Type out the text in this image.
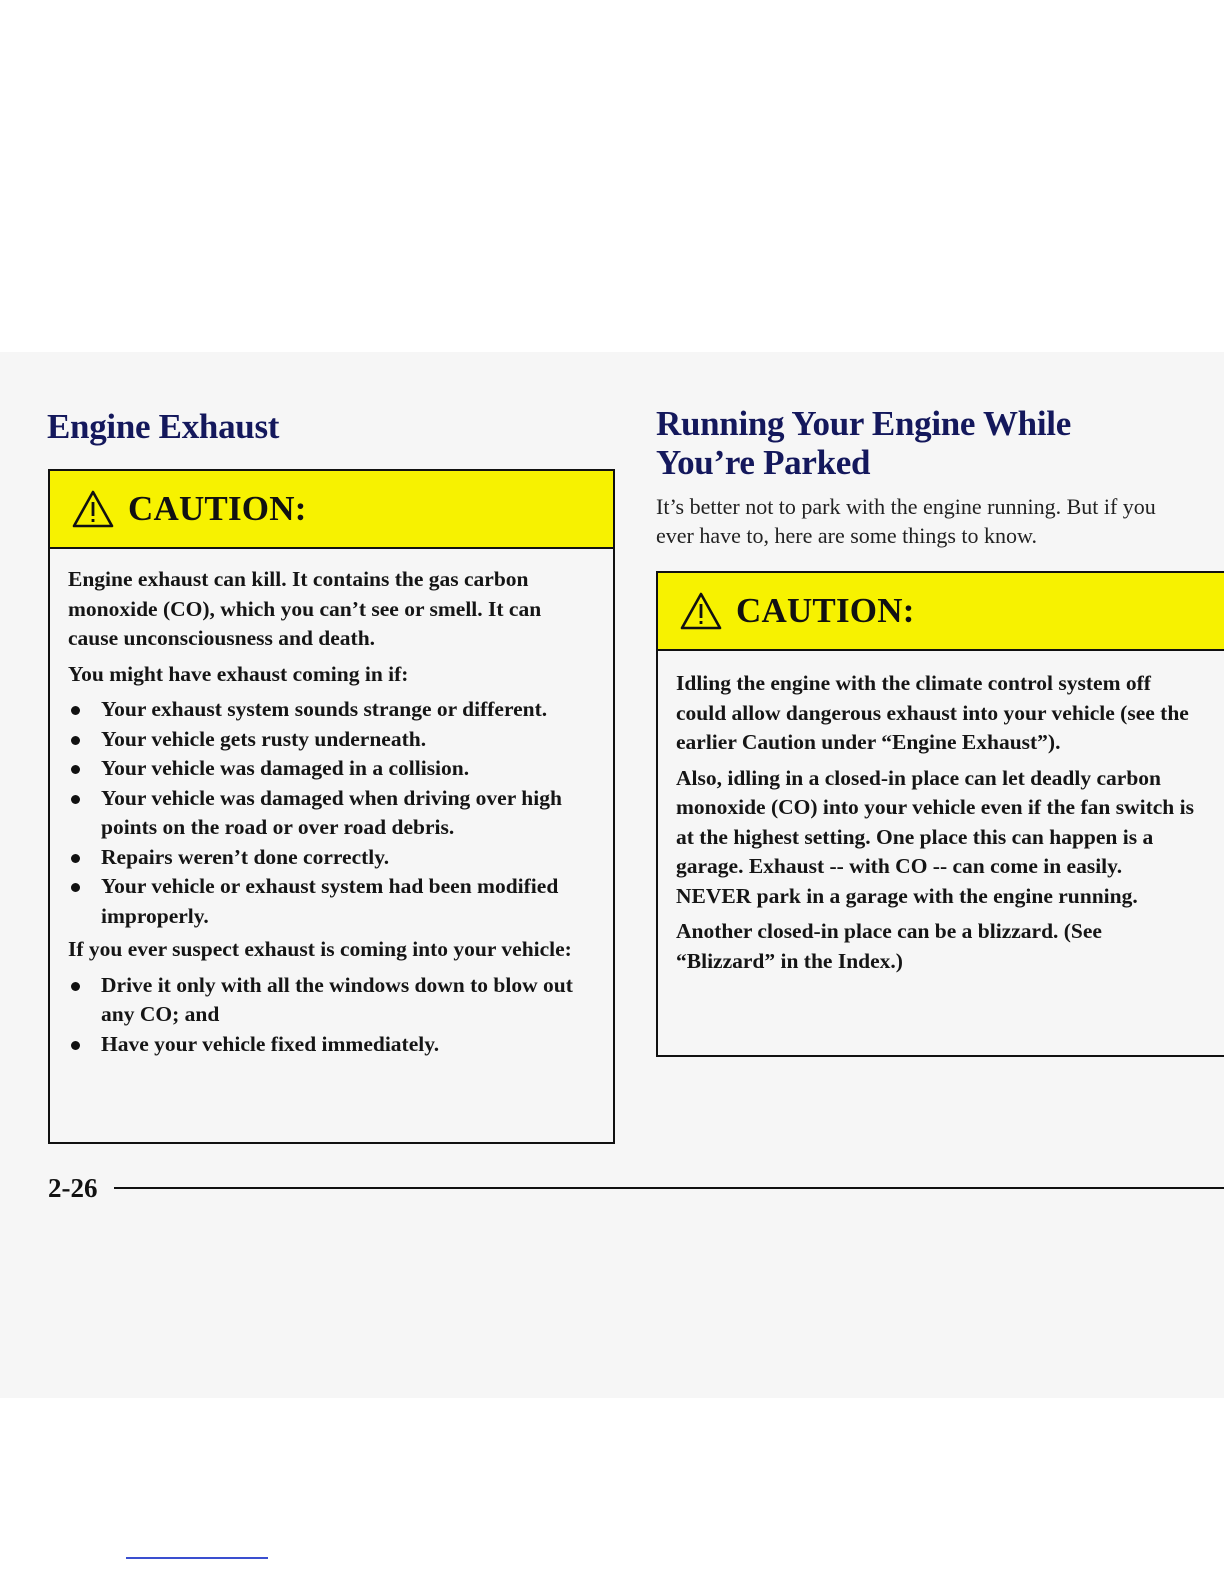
Engine Exhaust
CAUTION:

Engine exhaust can kill. It contains the gas carbon monoxide (CO), which you can’t see or smell. It can cause unconsciousness and death.

You might have exhaust coming in if:

Your exhaust system sounds strange or different.
Your vehicle gets rusty underneath.
Your vehicle was damaged in a collision.
Your vehicle was damaged when driving over high points on the road or over road debris.
Repairs weren’t done correctly.
Your vehicle or exhaust system had been modified improperly.

If you ever suspect exhaust is coming into your vehicle:

Drive it only with all the windows down to blow out any CO; and
Have your vehicle fixed immediately.
Running Your Engine While
You’re Parked
It’s better not to park with the engine running. But if you
ever have to, here are some things to know.
CAUTION:

Idling the engine with the climate control system off could allow dangerous exhaust into your vehicle (see the earlier Caution under “Engine Exhaust”).

Also, idling in a closed-in place can let deadly carbon monoxide (CO) into your vehicle even if the fan switch is at the highest setting. One place this can happen is a garage. Exhaust -- with CO -- can come in easily. NEVER park in a garage with the engine running.

Another closed-in place can be a blizzard. (See “Blizzard” in the Index.)

2-26
